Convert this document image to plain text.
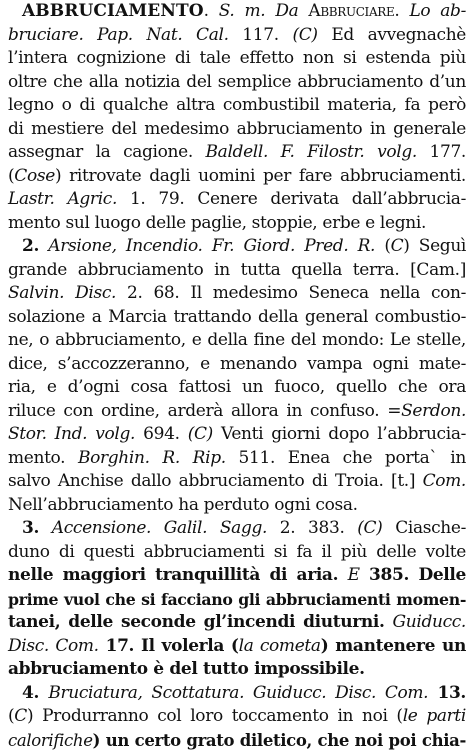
ABBRUCIAMENTO. S. m. Da Abbruciare. Lo ab-
bruciare. Pap. Nat. Cal. 117. (C) Ed avvegnachè
l’intera cognizione di tale effetto non si estenda più
oltre che alla notizia del semplice abbruciamento d’un
legno o di qualche altra combustibil materia, fa però
di mestiere del medesimo abbruciamento in generale
assegnar la cagione. Baldell. F. Filostr. volg. 177.
(Cose) ritrovate dagli uomini per fare abbruciamenti.
Lastr. Agric. 1. 79. Cenere derivata dall’abbrucia-
mento sul luogo delle paglie, stoppie, erbe e legni.
2. Arsione, Incendio. Fr. Giord. Pred. R. (C) Seguì
grande abbruciamento in tutta quella terra. [Cam.]
Salvin. Disc. 2. 68. Il medesimo Seneca nella con-
solazione a Marcia trattando della general combustio-
ne, o abbruciamento, e della fine del mondo: Le stelle,
dice, s’accozzeranno, e menando vampa ogni mate-
ria, e d’ogni cosa fattosi un fuoco, quello che ora
riluce con ordine, arderà allora in confuso. =Serdon.
Stor. Ind. volg. 694. (C) Venti giorni dopo l’abbrucia-
mento. Borghin. R. Rip. 511. Enea che porta` in
salvo Anchise dallo abbruciamento di Troia. [t.] Com.
Nell’abbruciamento ha perduto ogni cosa.
3. Accensione. Galil. Sagg. 2. 383. (C) Ciasche-
duno di questi abbruciamenti si fa il più delle volte
nelle maggiori tranquillità di aria. E 385. Delle
prime vuol che si facciano gli abbruciamenti momen-
tanei, delle seconde gl’incendi diuturni. Guiducc.
Disc. Com. 17. Il volerla (la cometa) mantenere un
abbruciamento è del tutto impossibile.
4. Bruciatura, Scottatura. Guiducc. Disc. Com. 13.
(C) Produrranno col loro toccamento in noi (le parti
calorifiche) un certo grato diletico, che noi poi chia-
